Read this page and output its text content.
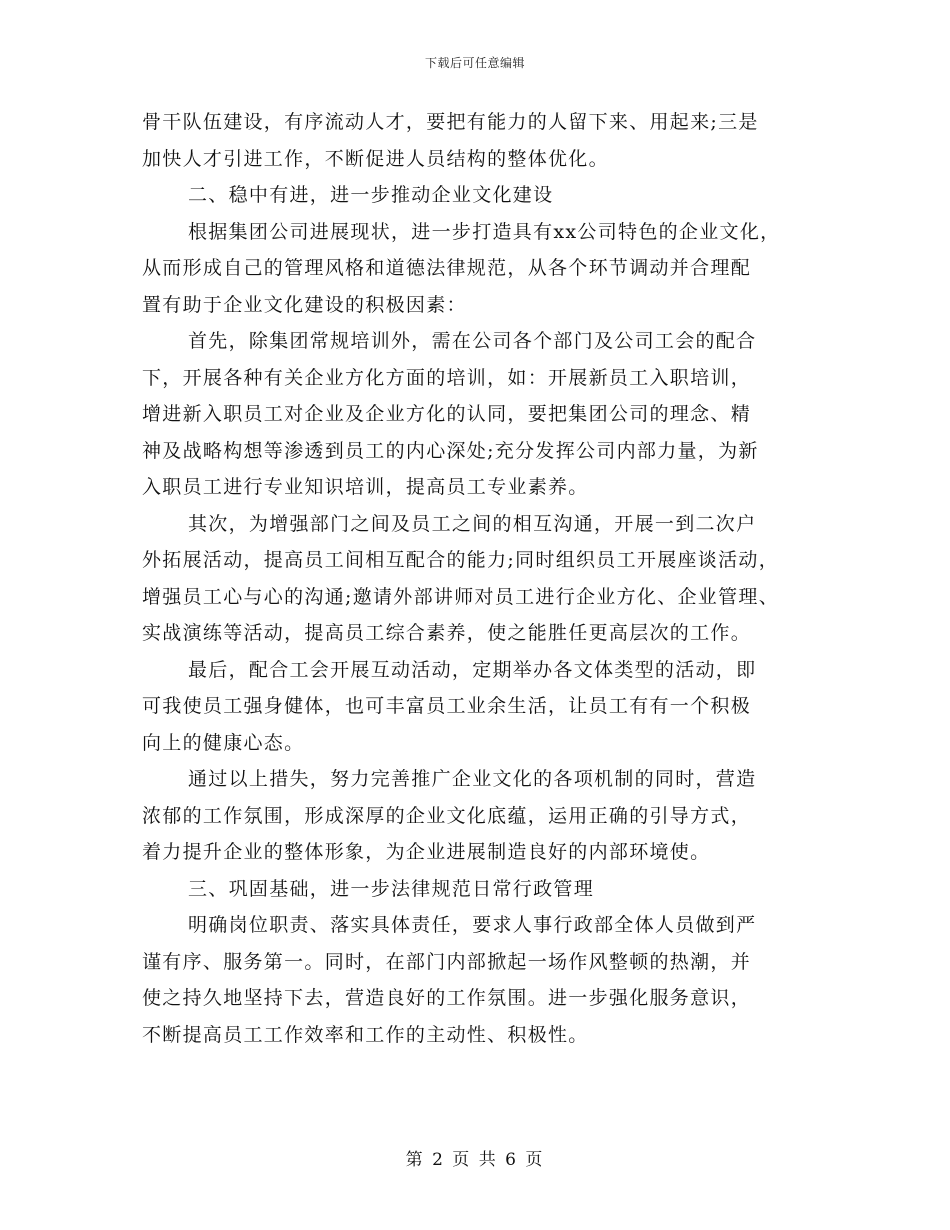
下载后可任意编辑
骨干队伍建设，有序流动人才，要把有能力的人留下来、用起来;三是
加快人才引进工作，不断促进人员结构的整体优化。
二、稳中有进，进一步推动企业文化建设
根据集团公司进展现状，进一步打造具有xx公司特色的企业文化，
从而形成自己的管理风格和道德法律规范，从各个环节调动并合理配
置有助于企业文化建设的积极因素：
首先，除集团常规培训外，需在公司各个部门及公司工会的配合
下，开展各种有关企业方化方面的培训，如：开展新员工入职培训，
增进新入职员工对企业及企业方化的认同，要把集团公司的理念、精
神及战略构想等渗透到员工的内心深处;充分发挥公司内部力量，为新
入职员工进行专业知识培训，提高员工专业素养。
其次，为增强部门之间及员工之间的相互沟通，开展一到二次户
外拓展活动，提高员工间相互配合的能力;同时组织员工开展座谈活动，
增强员工心与心的沟通;邀请外部讲师对员工进行企业方化、企业管理、
实战演练等活动，提高员工综合素养，使之能胜任更高层次的工作。
最后，配合工会开展互动活动，定期举办各文体类型的活动，即
可我使员工强身健体，也可丰富员工业余生活，让员工有有一个积极
向上的健康心态。
通过以上措失，努力完善推广企业文化的各项机制的同时，营造
浓郁的工作氛围，形成深厚的企业文化底蕴，运用正确的引导方式，
着力提升企业的整体形象，为企业进展制造良好的内部环境使。
三、巩固基础，进一步法律规范日常行政管理
明确岗位职责、落实具体责任，要求人事行政部全体人员做到严
谨有序、服务第一。同时，在部门内部掀起一场作风整顿的热潮，并
使之持久地坚持下去，营造良好的工作氛围。进一步强化服务意识，
不断提高员工工作效率和工作的主动性、积极性。
第 2 页 共 6 页
